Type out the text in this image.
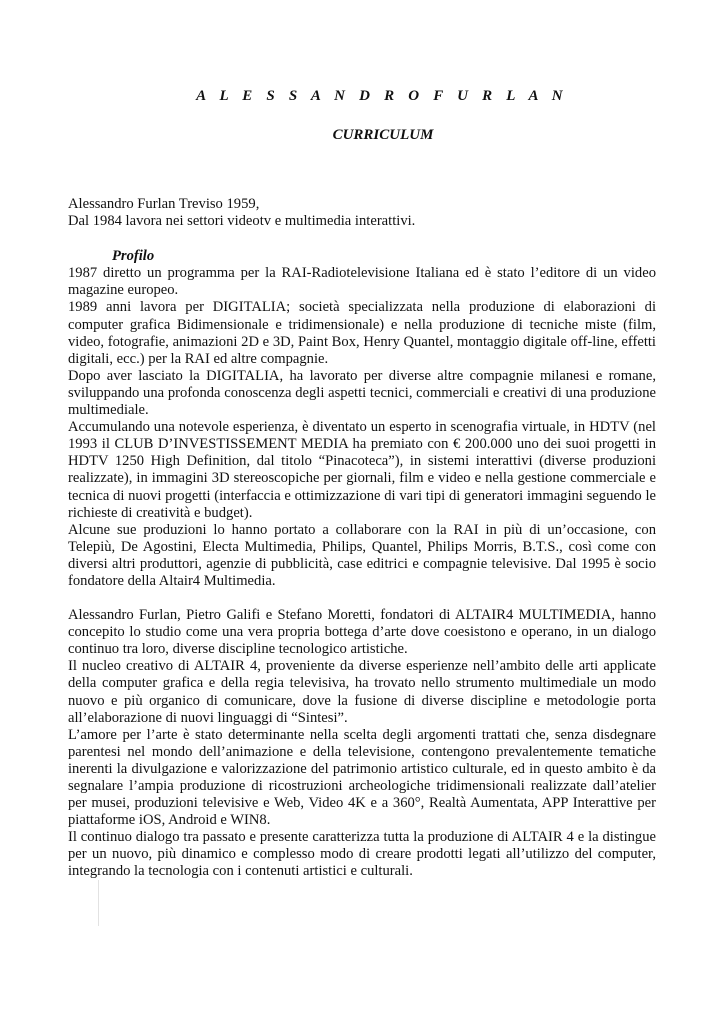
A L E S S A N D R O F U R L A N
CURRICULUM

Alessandro Furlan Treviso 1959,

Dal 1984 lavora nei settori videotv e multimedia interattivi.

Profilo

1987 diretto un programma per la RAI-Radiotelevisione Italiana ed è stato l’editore di un video magazine europeo.

1989 anni lavora per DIGITALIA; società specializzata nella produzione di elaborazioni di computer grafica Bidimensionale e tridimensionale) e nella produzione di tecniche miste (film, video, fotografie, animazioni 2D e 3D, Paint Box, Henry Quantel, montaggio digitale off-line, effetti digitali, ecc.) per la RAI ed altre compagnie.

Dopo aver lasciato la DIGITALIA, ha lavorato per diverse altre compagnie milanesi e romane, sviluppando una profonda conoscenza degli aspetti tecnici, commerciali e creativi di una produzione multimediale.

Accumulando una notevole esperienza, è diventato un esperto in scenografia virtuale, in HDTV (nel 1993 il CLUB D’INVESTISSEMENT MEDIA ha premiato con € 200.000 uno dei suoi progetti in HDTV 1250 High Definition, dal titolo “Pinacoteca”), in sistemi interattivi (diverse produzioni realizzate), in immagini 3D stereoscopiche per giornali, film e video e nella gestione commerciale e tecnica di nuovi progetti (interfaccia e ottimizzazione di vari tipi di generatori immagini seguendo le richieste di creatività e budget).

Alcune sue produzioni lo hanno portato a collaborare con la RAI in più di un’occasione, con Telepiù, De Agostini, Electa Multimedia, Philips, Quantel, Philips Morris, B.T.S., così come con diversi altri produttori, agenzie di pubblicità, case editrici e compagnie televisive. Dal 1995 è socio fondatore della Altair4 Multimedia.

Alessandro Furlan, Pietro Galifi e Stefano Moretti, fondatori di ALTAIR4 MULTIMEDIA, hanno concepito lo studio come una vera propria bottega d’arte dove coesistono e operano, in un dialogo continuo tra loro, diverse discipline tecnologico artistiche.

Il nucleo creativo di ALTAIR 4, proveniente da diverse esperienze nell’ambito delle arti applicate della computer grafica e della regia televisiva, ha trovato nello strumento multimediale un modo nuovo e più organico di comunicare, dove la fusione di diverse discipline e metodologie porta all’elaborazione di nuovi linguaggi di “Sintesi”.

L’amore per l’arte è stato determinante nella scelta degli argomenti trattati che, senza disdegnare parentesi nel mondo dell’animazione e della televisione, contengono prevalentemente tematiche inerenti la divulgazione e valorizzazione del patrimonio artistico culturale, ed in questo ambito è da segnalare l’ampia produzione di ricostruzioni archeologiche tridimensionali realizzate dall’atelier per musei, produzioni televisive e Web, Video 4K e a 360°, Realtà Aumentata, APP Interattive per piattaforme iOS, Android e WIN8.

Il continuo dialogo tra passato e presente caratterizza tutta la produzione di ALTAIR 4 e la distingue per un nuovo, più dinamico e complesso modo di creare prodotti legati all’utilizzo del computer, integrando la tecnologia con i contenuti artistici e culturali.
